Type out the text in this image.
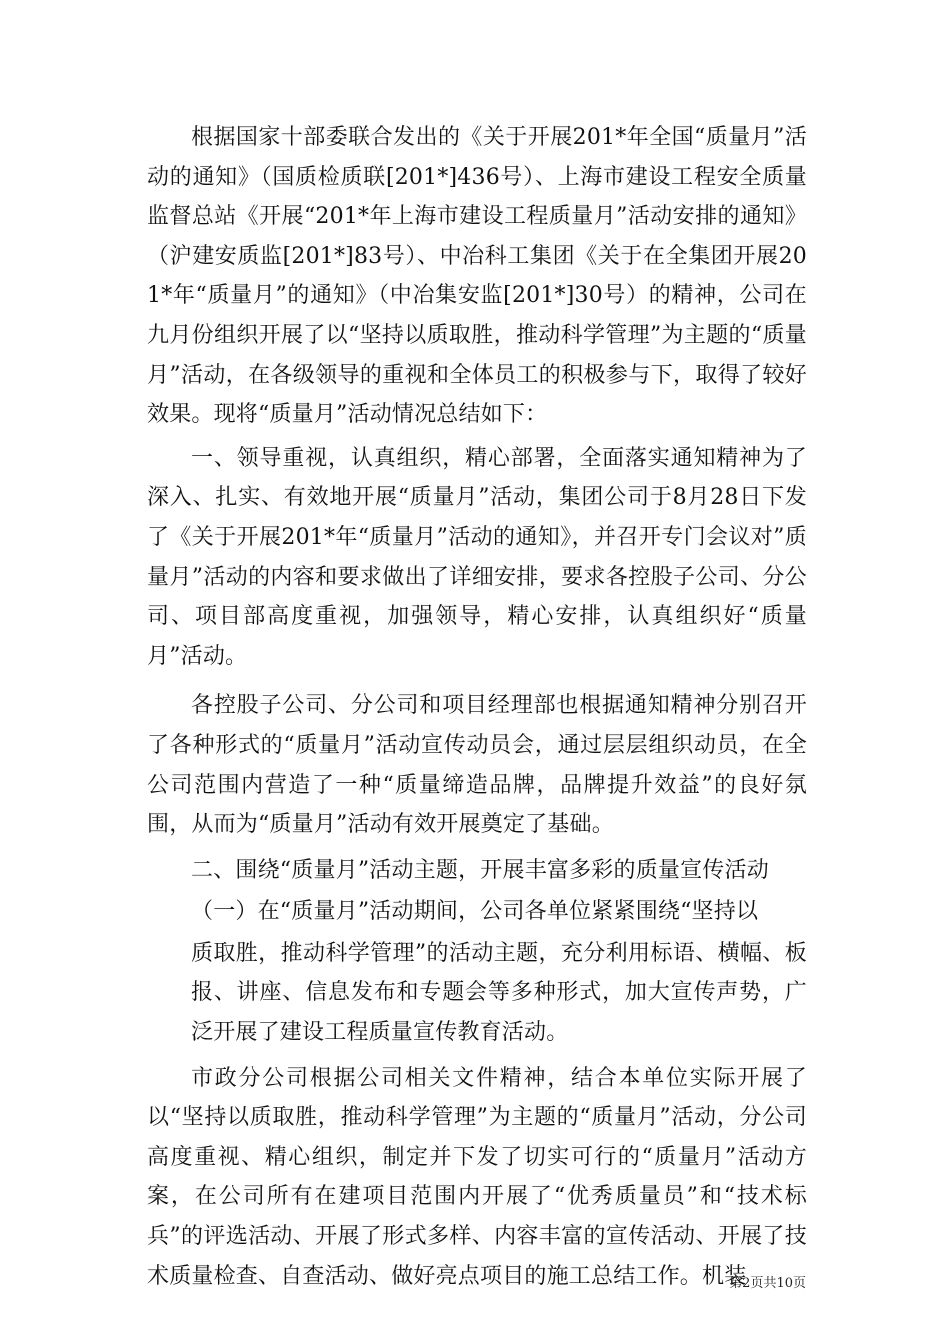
根据国家十部委联合发出的《关于开展201*年全国“质量月”活动的通知》（国质检质联[201*]436号）、上海市建设工程安全质量监督总站《开展“201*年上海市建设工程质量月”活动安排的通知》（沪建安质监[201*]83号）、中冶科工集团《关于在全集团开展201*年“质量月”的通知》（中冶集安监[201*]30号）的精神，公司在九月份组织开展了以“坚持以质取胜，推动科学管理”为主题的“质量月”活动，在各级领导的重视和全体员工的积极参与下，取得了较好效果。现将“质量月”活动情况总结如下：

一、领导重视，认真组织，精心部署，全面落实通知精神为了深入、扎实、有效地开展“质量月”活动，集团公司于8月28日下发了《关于开展201*年“质量月”活动的通知》，并召开专门会议对”质量月”活动的内容和要求做出了详细安排，要求各控股子公司、分公司、项目部高度重视，加强领导，精心安排，认真组织好“质量月”活动。

各控股子公司、分公司和项目经理部也根据通知精神分别召开了各种形式的“质量月”活动宣传动员会，通过层层组织动员，在全公司范围内营造了一种“质量缔造品牌，品牌提升效益”的良好氛围，从而为“质量月”活动有效开展奠定了基础。

二、围绕“质量月”活动主题，开展丰富多彩的质量宣传活动

（一）在“质量月”活动期间，公司各单位紧紧围绕“坚持以

质取胜，推动科学管理”的活动主题，充分利用标语、横幅、板报、讲座、信息发布和专题会等多种形式，加大宣传声势，广泛开展了建设工程质量宣传教育活动。

市政分公司根据公司相关文件精神，结合本单位实际开展了以“坚持以质取胜，推动科学管理”为主题的“质量月”活动，分公司高度重视、精心组织，制定并下发了切实可行的“质量月”活动方案，在公司所有在建项目范围内开展了“优秀质量员”和“技术标兵”的评选活动、开展了形式多样、内容丰富的宣传活动、开展了技术质量检查、自查活动、做好亮点项目的施工总结工作。机装

第2页共10页
